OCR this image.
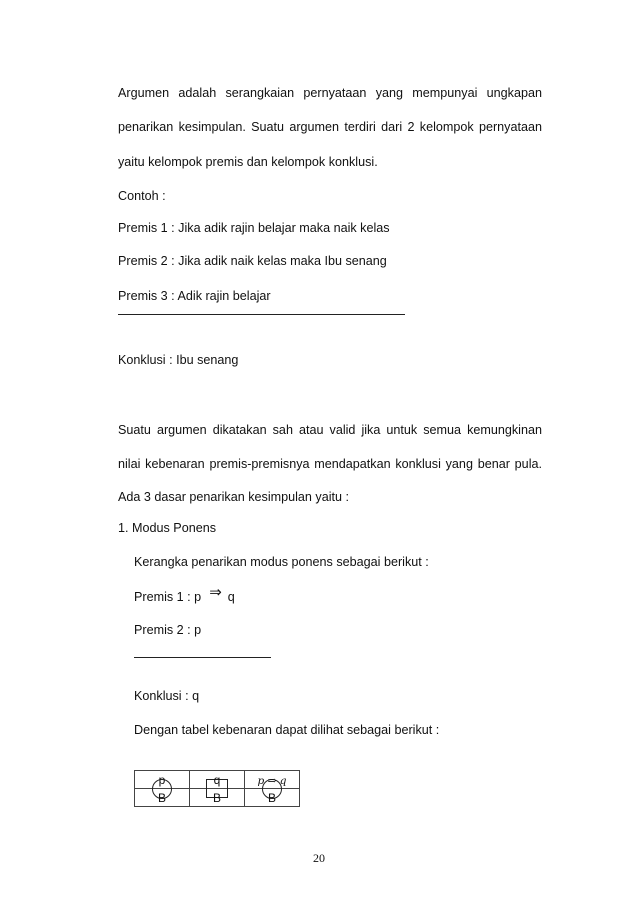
Argumen adalah serangkaian pernyataan yang mempunyai ungkapan
penarikan kesimpulan. Suatu argumen terdiri dari 2 kelompok pernyataan
yaitu kelompok premis dan kelompok konklusi.
Contoh :
Premis 1 : Jika adik rajin belajar maka naik kelas
Premis 2 : Jika adik naik kelas maka Ibu senang
Premis 3 : Adik rajin belajar
Konklusi : Ibu senang
Suatu argumen dikatakan sah atau valid jika untuk semua kemungkinan
nilai kebenaran premis-premisnya mendapatkan konklusi yang benar pula.
Ada 3 dasar penarikan kesimpulan yaitu :
1. Modus Ponens
Kerangka penarikan modus ponens sebagai berikut :
Premis 1 : p ⇒ q
Premis 2 : p
Konklusi : q
Dengan tabel kebenaran dapat dilihat sebagai berikut :
p	q	p ⇒ q
B	B	B
20
